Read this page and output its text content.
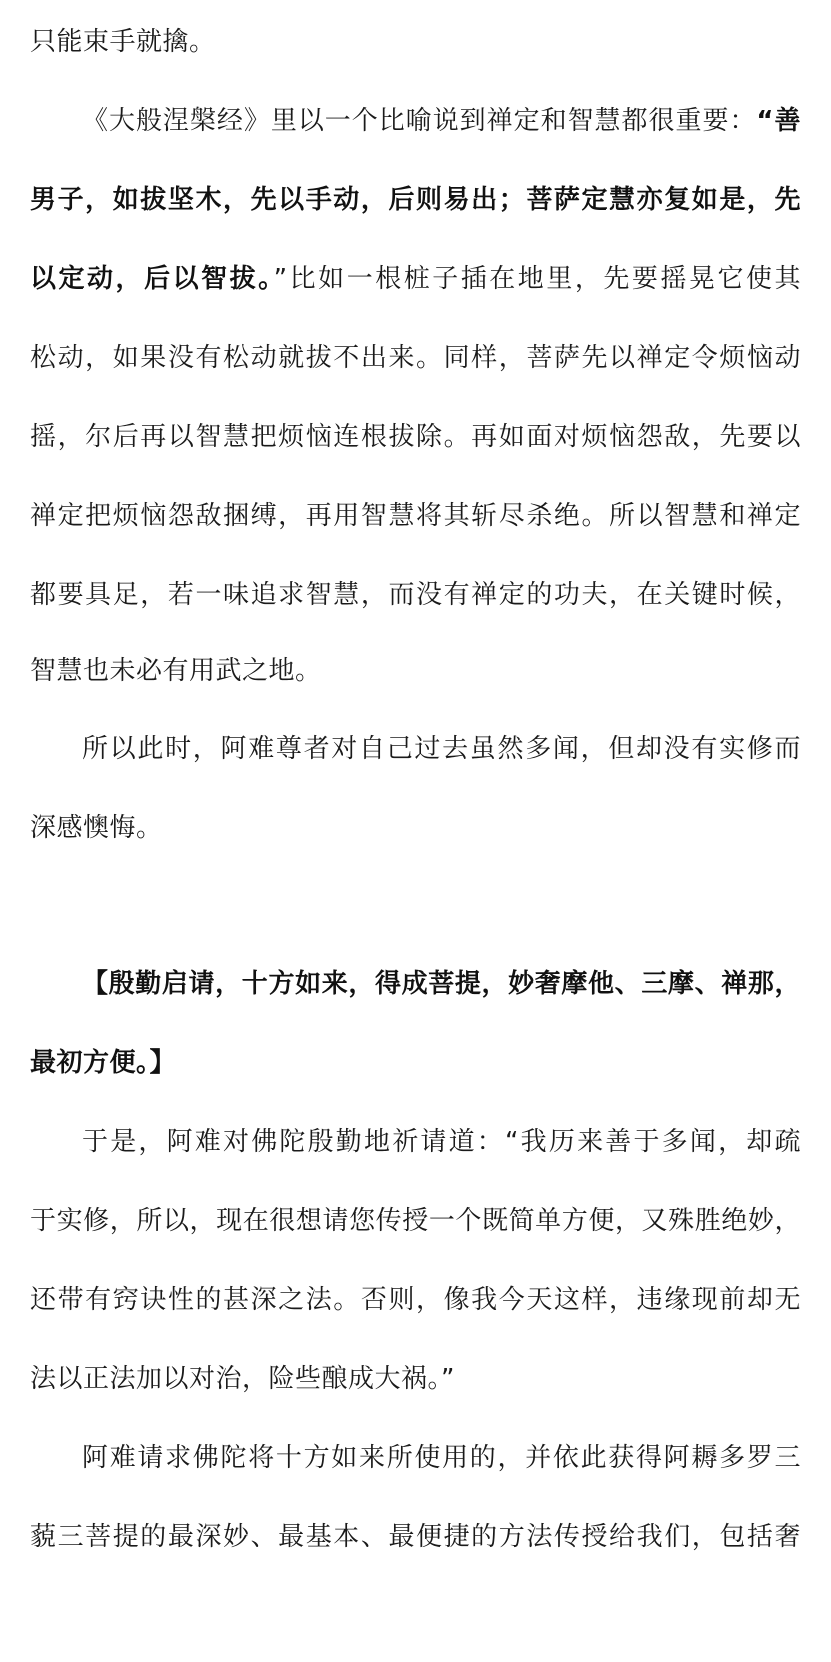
只能束手就擒。
《大般涅槃经》里以一个比喻说到禅定和智慧都很重要：“善
男子，如拔坚木，先以手动，后则易出；菩萨定慧亦复如是，先
以定动，后以智拔。”比如一根桩子插在地里，先要摇晃它使其
松动，如果没有松动就拔不出来。同样，菩萨先以禅定令烦恼动
摇，尔后再以智慧把烦恼连根拔除。再如面对烦恼怨敌，先要以
禅定把烦恼怨敌捆缚，再用智慧将其斩尽杀绝。所以智慧和禅定
都要具足，若一味追求智慧，而没有禅定的功夫，在关键时候，
智慧也未必有用武之地。
所以此时，阿难尊者对自己过去虽然多闻，但却没有实修而
深感懊悔。
【殷勤启请，十方如来，得成菩提，妙奢摩他、三摩、禅那，
最初方便。】
于是，阿难对佛陀殷勤地祈请道：“我历来善于多闻，却疏
于实修，所以，现在很想请您传授一个既简单方便，又殊胜绝妙，
还带有窍诀性的甚深之法。否则，像我今天这样，违缘现前却无
法以正法加以对治，险些酿成大祸。”
阿难请求佛陀将十方如来所使用的，并依此获得阿耨多罗三
藐三菩提的最深妙、最基本、最便捷的方法传授给我们，包括奢
